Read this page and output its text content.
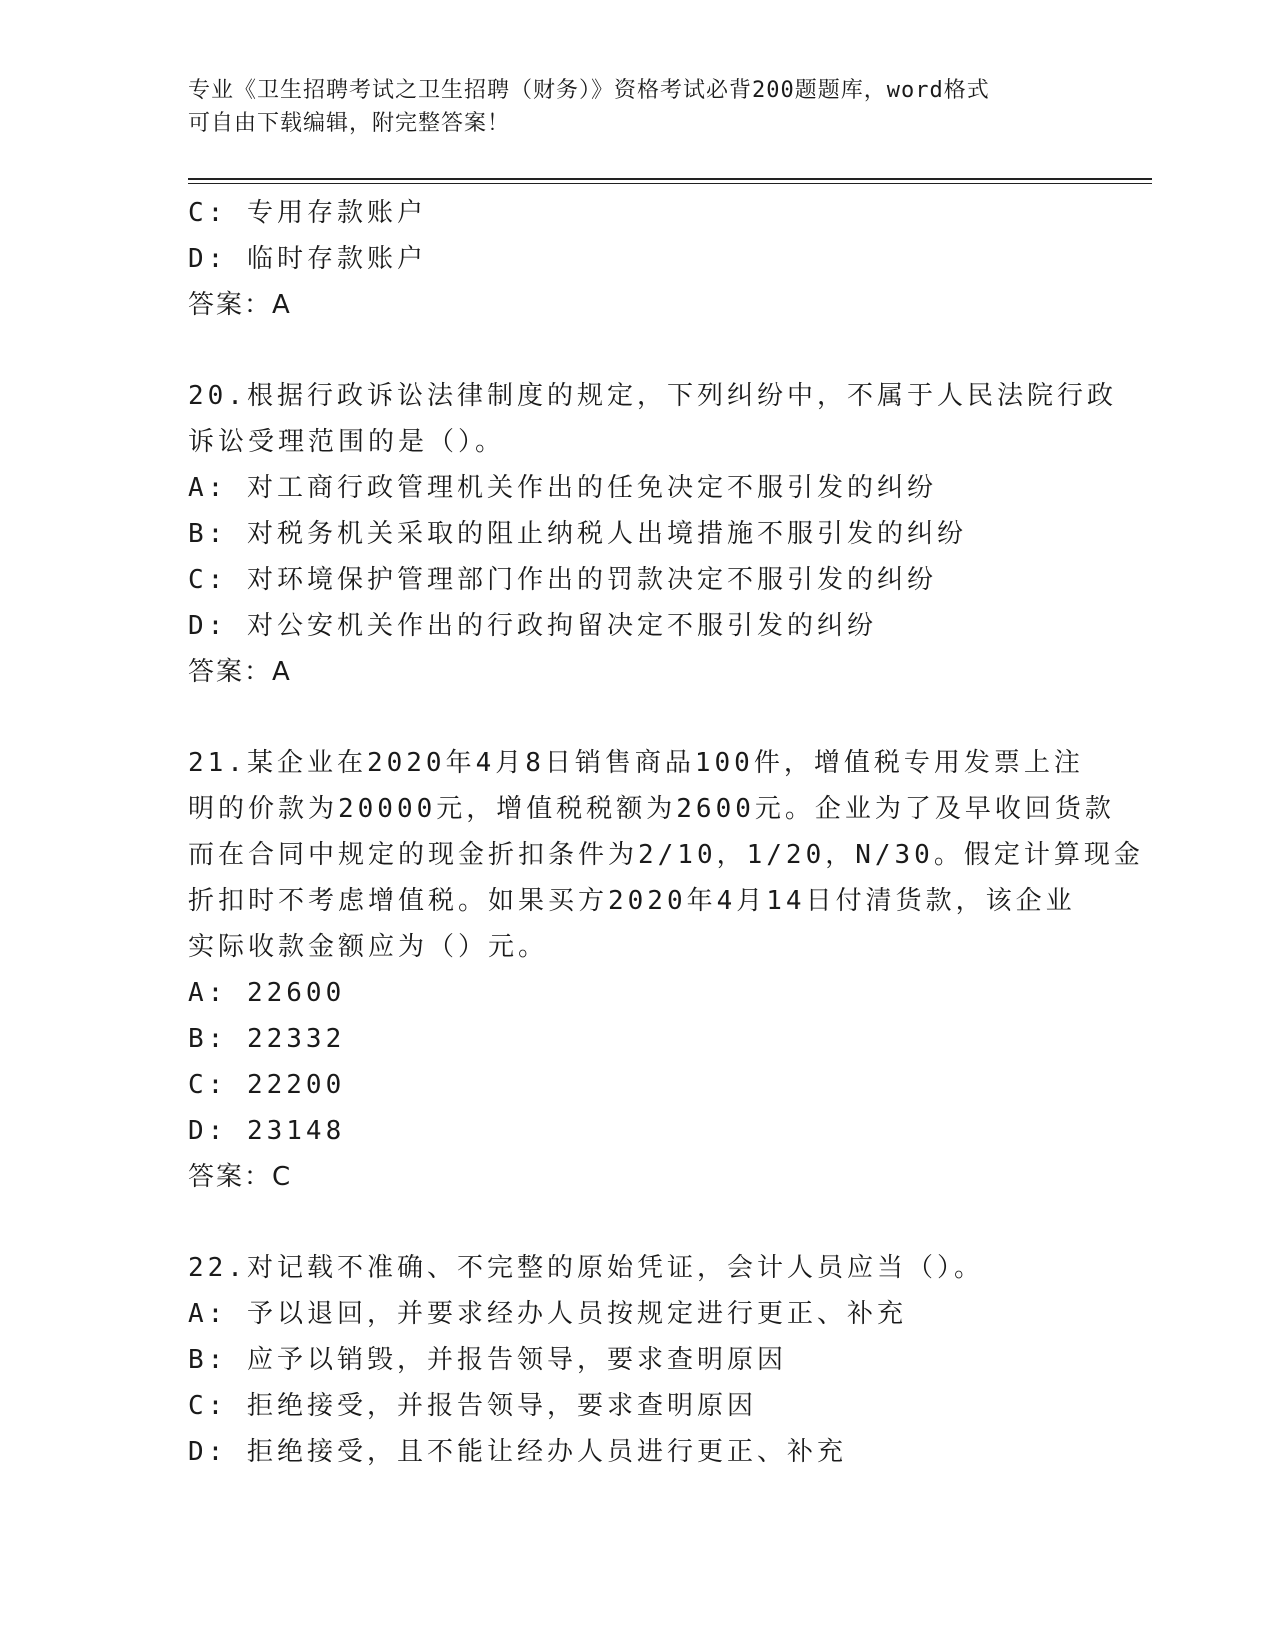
专业《卫生招聘考试之卫生招聘（财务）》资格考试必背200题题库，word格式
可自由下载编辑，附完整答案！
C: 专用存款账户
D: 临时存款账户
答案：A
20.根据行政诉讼法律制度的规定，下列纠纷中，不属于人民法院行政
诉讼受理范围的是（）。
A: 对工商行政管理机关作出的任免决定不服引发的纠纷
B: 对税务机关采取的阻止纳税人出境措施不服引发的纠纷
C: 对环境保护管理部门作出的罚款决定不服引发的纠纷
D: 对公安机关作出的行政拘留决定不服引发的纠纷
答案：A
21.某企业在2020年4月8日销售商品100件，增值税专用发票上注
明的价款为20000元，增值税税额为2600元。企业为了及早收回货款
而在合同中规定的现金折扣条件为2/10，1/20，N/30。假定计算现金
折扣时不考虑增值税。如果买方2020年4月14日付清货款，该企业
实际收款金额应为（）元。
A: 22600
B: 22332
C: 22200
D: 23148
答案：C
22.对记载不准确、不完整的原始凭证，会计人员应当（）。
A: 予以退回，并要求经办人员按规定进行更正、补充
B: 应予以销毁，并报告领导，要求查明原因
C: 拒绝接受，并报告领导，要求查明原因
D: 拒绝接受，且不能让经办人员进行更正、补充
